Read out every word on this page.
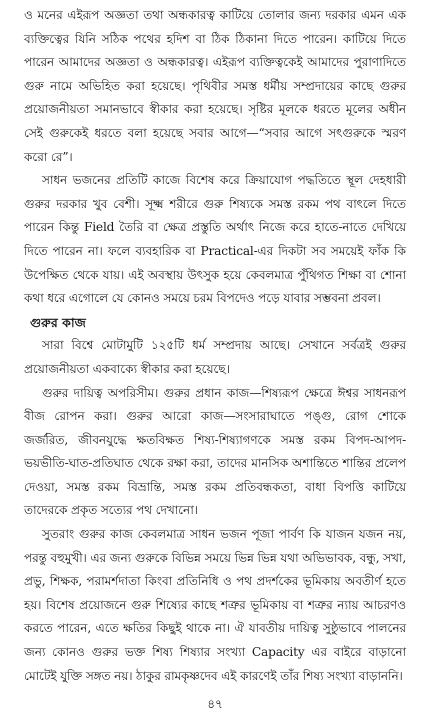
ও মনের এইরূপ অজ্ঞতা তথা অন্ধকারত্ব কাটিয়ে তোলার জন্য দরকার এমন এক ব্যক্তিত্বের যিনি সঠিক পথের হদিশ বা ঠিক ঠিকানা দিতে পারেন। কাটিয়ে দিতে পারেন আমাদের অজ্ঞতা ও অন্ধকারত্ব। এইরূপ ব্যক্তিত্বকেই আমাদের পুরাণাদিতে গুরু নামে অভিহিত করা হয়েছে। পৃথিবীর সমস্ত ধর্মীয় সম্প্রদায়ের কাছে গুরুর প্রয়োজনীয়তা সমানভাবে স্বীকার করা হয়েছে। সৃষ্টির মূলকে ধরতে মূলের অধীন সেই গুরুকেই ধরতে বলা হয়েছে সবার আগে—“সবার আগে সৎগুরুকে স্মরণ করো রে”।

সাধন ভজনের প্রতিটি কাজে বিশেষ করে ক্রিয়াযোগ পদ্ধতিতে স্থূল দেহধারী গুরুর দরকার খুব বেশী। সূক্ষ্ম শরীরে গুরু শিষ্যকে সমস্ত রকম পথ বাৎলে দিতে পারেন কিন্তু Field তৈরি বা ক্ষেত্র প্রস্তুতি অর্থাৎ নিজে করে হাতে-নাতে দেখিয়ে দিতে পারেন না। ফলে ব্যবহারিক বা Practical-এর দিকটা সব সময়েই ফাঁক কি উপেক্ষিত থেকে যায়। এই অবস্থায় উৎসুক হয়ে কেবলমাত্র পুঁথিগত শিক্ষা বা শোনা কথা ধরে এগোলে যে কোনও সময়ে চরম বিপদেও পড়ে যাবার সম্ভবনা প্রবল।

গুরুর কাজ

সারা বিশ্বে মোটামুটি ১২৫টি ধর্ম সম্প্রদায় আছে। সেখানে সর্বত্রই গুরুর প্রয়োজনীয়তা একবাক্যে স্বীকার করা হয়েছে।

গুরুর দায়িত্ব অপরিসীম। গুরুর প্রধান কাজ—শিষ্যরূপ ক্ষেত্রে ঈশ্বর সাধনরূপ বীজ রোপন করা। গুরুর আরো কাজ—সংসারাঘাতে পঙ্গু, রোগ শোকে জর্জরিত, জীবনযুদ্ধে ক্ষতবিক্ষত শিষ্য-শিষ্যাগণকে সমস্ত রকম বিপদ-আপদ-ভয়ভীতি-ঘাত-প্রতিঘাত থেকে রক্ষা করা, তাদের মানসিক অশান্তিতে শান্তির প্রলেপ দেওয়া, সমস্ত রকম বিভ্রান্তি, সমস্ত রকম প্রতিবন্ধকতা, বাধা বিপত্তি কাটিয়ে তাদেরকে প্রকৃত সত্যের পথ দেখানো।

সুতরাং গুরুর কাজ কেবলমাত্র সাধন ভজন পূজা পার্বণ কি যাজন যজন নয়, পরন্তু বহুমুখী। এর জন্য গুরুকে বিভিন্ন সময়ে ভিন্ন ভিন্ন যথা অভিভাবক, বন্ধু, সখা, প্রভু, শিক্ষক, পরামর্শদাতা কিংবা প্রতিনিধি ও পথ প্রদর্শকের ভূমিকায় অবতীর্ণ হতে হয়। বিশেষ প্রয়োজনে গুরু শিষ্যের কাছে শত্রুর ভূমিকায় বা শত্রুর ন্যায় আচরণও করতে পারেন, এতে ক্ষতির কিছুই থাকে না। ঐ যাবতীয় দায়িত্ব সুষ্ঠুভাবে পালনের জন্য কোনও গুরুর ভক্ত শিষ্য শিষ্যার সংখ্যা Capacity এর বাইরে বাড়ানো মোটেই যুক্তি সঙ্গত নয়। ঠাকুর রামকৃষ্ণদেব এই কারণেই তাঁর শিষ্য সংখ্যা বাড়াননি।

৪৭
